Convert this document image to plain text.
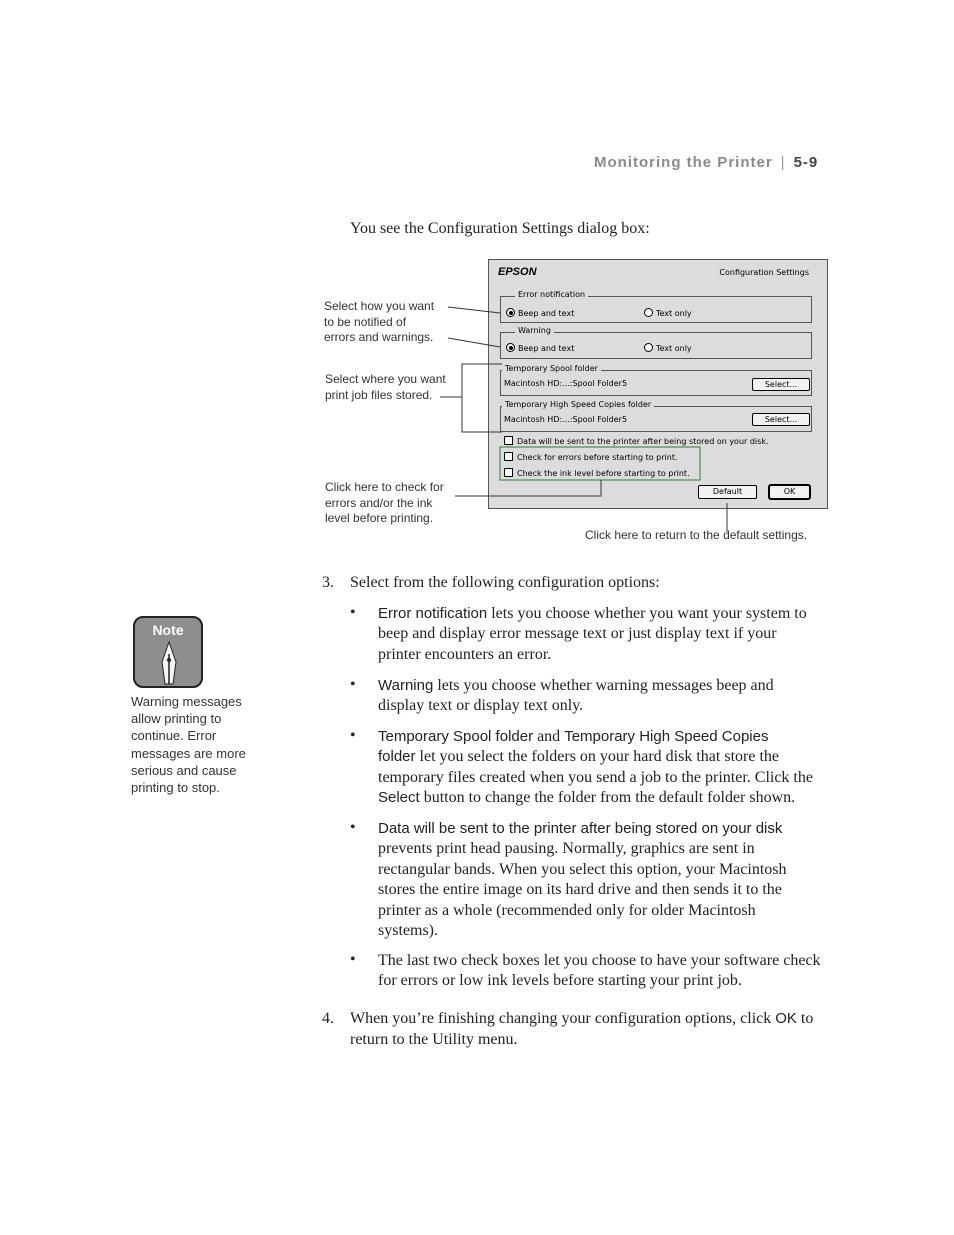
Monitoring the Printer | 5-9
You see the Configuration Settings dialog box:
EPSON	Configuration Settings
Error notification
Beep and text	Text only
Warning
Beep and text	Text only
Temporary Spool folder
Macintosh HD:...:Spool Folder5	Select...
Temporary High Speed Copies folder
Macintosh HD:...:Spool Folder5	Select...
Data will be sent to the printer after being stored on your disk.
Check for errors before starting to print.
Check the ink level before starting to print.
Default	OK
Select how you want
to be notified of
errors and warnings.
Select where you want
print job files stored.
Click here to check for
errors and/or the ink
level before printing.
Click here to return to the default settings.
3. Select from the following configuration options:
• Error notification lets you choose whether you want your system to
beep and display error message text or just display text if your
printer encounters an error.
• Warning lets you choose whether warning messages beep and
display text or display text only.
• Temporary Spool folder and Temporary High Speed Copies
folder let you select the folders on your hard disk that store the
temporary files created when you send a job to the printer. Click the
Select button to change the folder from the default folder shown.
• Data will be sent to the printer after being stored on your disk
prevents print head pausing. Normally, graphics are sent in
rectangular bands. When you select this option, your Macintosh
stores the entire image on its hard drive and then sends it to the
printer as a whole (recommended only for older Macintosh
systems).
• The last two check boxes let you choose to have your software check
for errors or low ink levels before starting your print job.
4. When you’re finishing changing your configuration options, click OK to
return to the Utility menu.
Note
Warning messages
allow printing to
continue. Error
messages are more
serious and cause
printing to stop.
